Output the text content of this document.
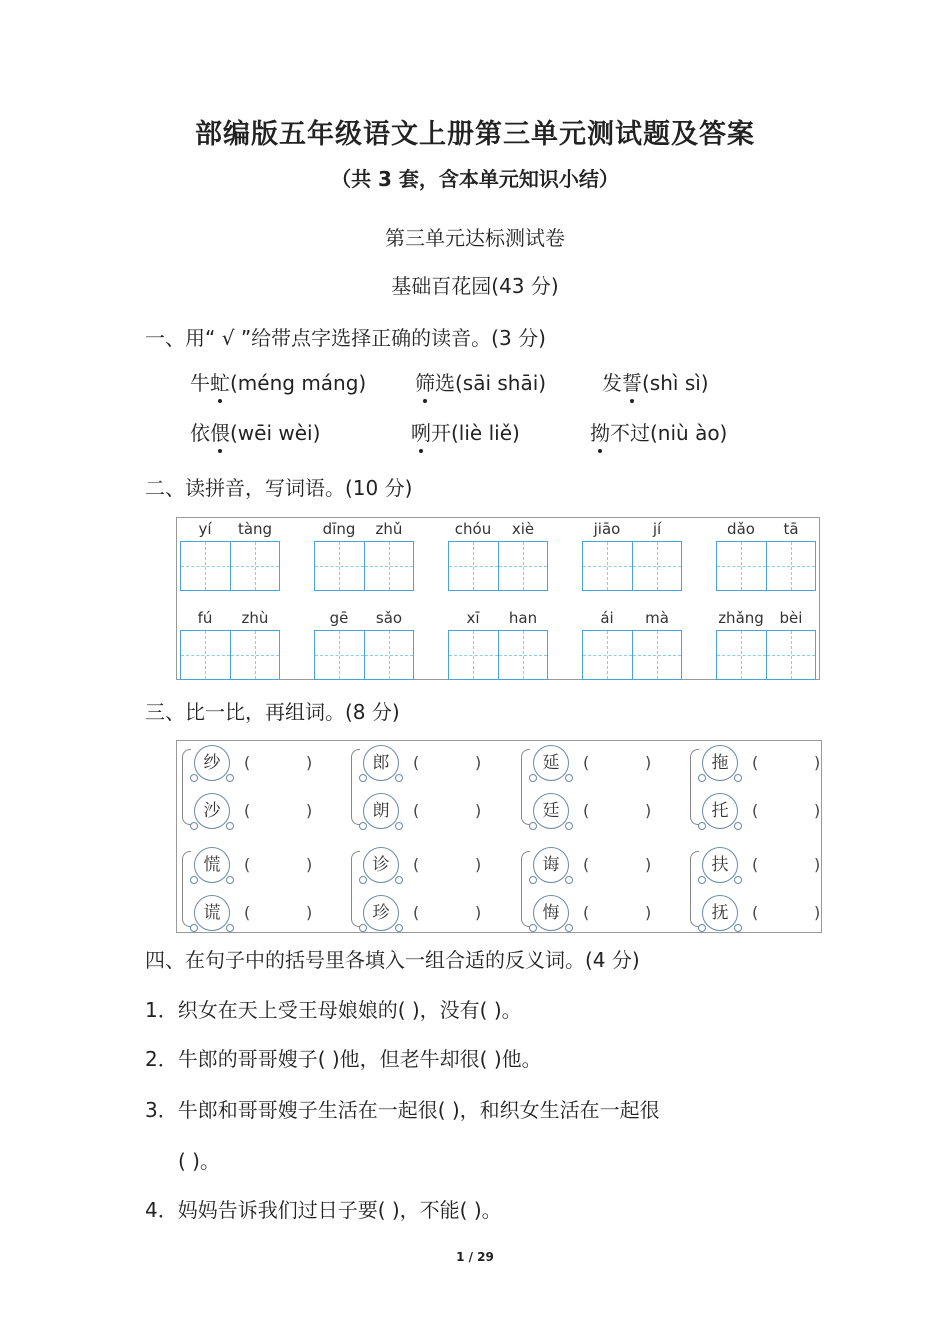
部编版五年级语文上册第三单元测试题及答案
（共 3 套，含本单元知识小结）
第三单元达标测试卷
基础百花园(43 分)
一、用“ √ ”给带点字选择正确的读音。(3 分)
牛虻(méng máng) 筛选(sāi shāi)	发誓(shì sì)
依偎(wēi wèi)	咧开(liè liě)	拗不过(niù ào)
二、读拼音，写词语。(10 分)
yí	tàng	dīng	zhǔ	chóu	xiè	jiāo	jí	dǎo	tā
fú	zhù	gē	sǎo	xī	han	ái	mà	zhǎng	bèi
三、比一比，再组词。(8 分)
纱	(	)
沙	(	)
郎	(	)
朗	(	)
延	(	)
廷	(	)
拖	(	)
托	(	)
慌	(	)
谎	(	)
诊	(	)
珍	(	)
诲	(	)
悔	(	)
扶	(	)
抚	(	)
四、在句子中的括号里各填入一组合适的反义词。(4 分)
1．织女在天上受王母娘娘的( )，没有( )。
2．牛郎的哥哥嫂子( )他，但老牛却很( )他。
3．牛郎和哥哥嫂子生活在一起很( )，和织女生活在一起很
( )。
4．妈妈告诉我们过日子要( )，不能( )。
1 / 29
